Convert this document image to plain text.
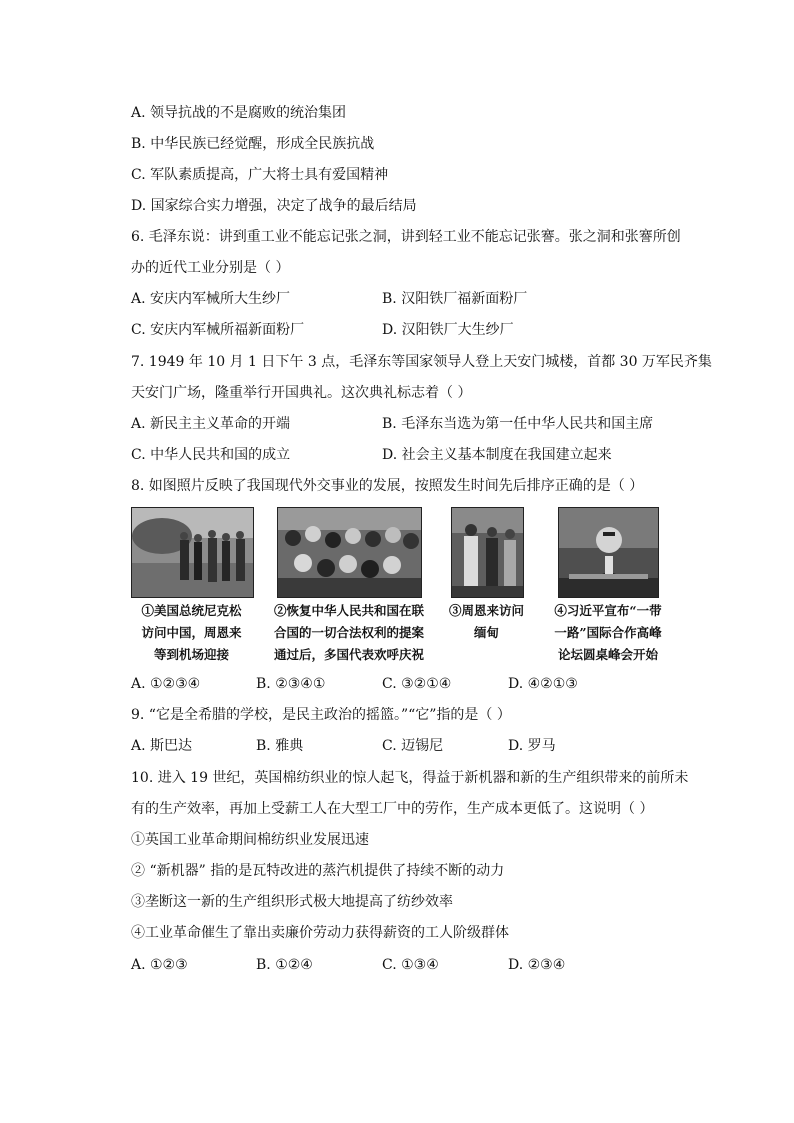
A. 领导抗战的不是腐败的统治集团
B. 中华民族已经觉醒，形成全民族抗战
C. 军队素质提高，广大将士具有爱国精神
D. 国家综合实力增强，决定了战争的最后结局
6. 毛泽东说：讲到重工业不能忘记张之洞，讲到轻工业不能忘记张謇。张之洞和张謇所创
办的近代工业分别是（ ）
A. 安庆内军械所大生纱厂	B. 汉阳铁厂福新面粉厂
C. 安庆内军械所福新面粉厂	D. 汉阳铁厂大生纱厂
7. 1949 年 10 月 1 日下午 3 点，毛泽东等国家领导人登上天安门城楼，首都 30 万军民齐集
天安门广场，隆重举行开国典礼。这次典礼标志着（ ）
A. 新民主主义革命的开端	B. 毛泽东当选为第一任中华人民共和国主席
C. 中华人民共和国的成立	D. 社会主义基本制度在我国建立起来
8. 如图照片反映了我国现代外交事业的发展，按照发生时间先后排序正确的是（ ）
①美国总统尼克松
访问中国，周恩来
等到机场迎接
②恢复中华人民共和国在联
合国的一切合法权利的提案
通过后，多国代表欢呼庆祝
③周恩来访问
缅甸
④习近平宣布“一带
一路”国际合作高峰
论坛圆桌峰会开始
A. ①②③④	B. ②③④①	C. ③②①④	D. ④②①③
9. “它是全希腊的学校，是民主政治的摇篮。”“它”指的是（ ）
A. 斯巴达	B. 雅典	C. 迈锡尼	D. 罗马
10. 进入 19 世纪，英国棉纺织业的惊人起飞，得益于新机器和新的生产组织带来的前所未
有的生产效率，再加上受薪工人在大型工厂中的劳作，生产成本更低了。这说明（ ）
①英国工业革命期间棉纺织业发展迅速
② “新机器” 指的是瓦特改进的蒸汽机提供了持续不断的动力
③垄断这一新的生产组织形式极大地提高了纺纱效率
④工业革命催生了靠出卖廉价劳动力获得薪资的工人阶级群体
A. ①②③	B. ①②④	C. ①③④	D. ②③④
